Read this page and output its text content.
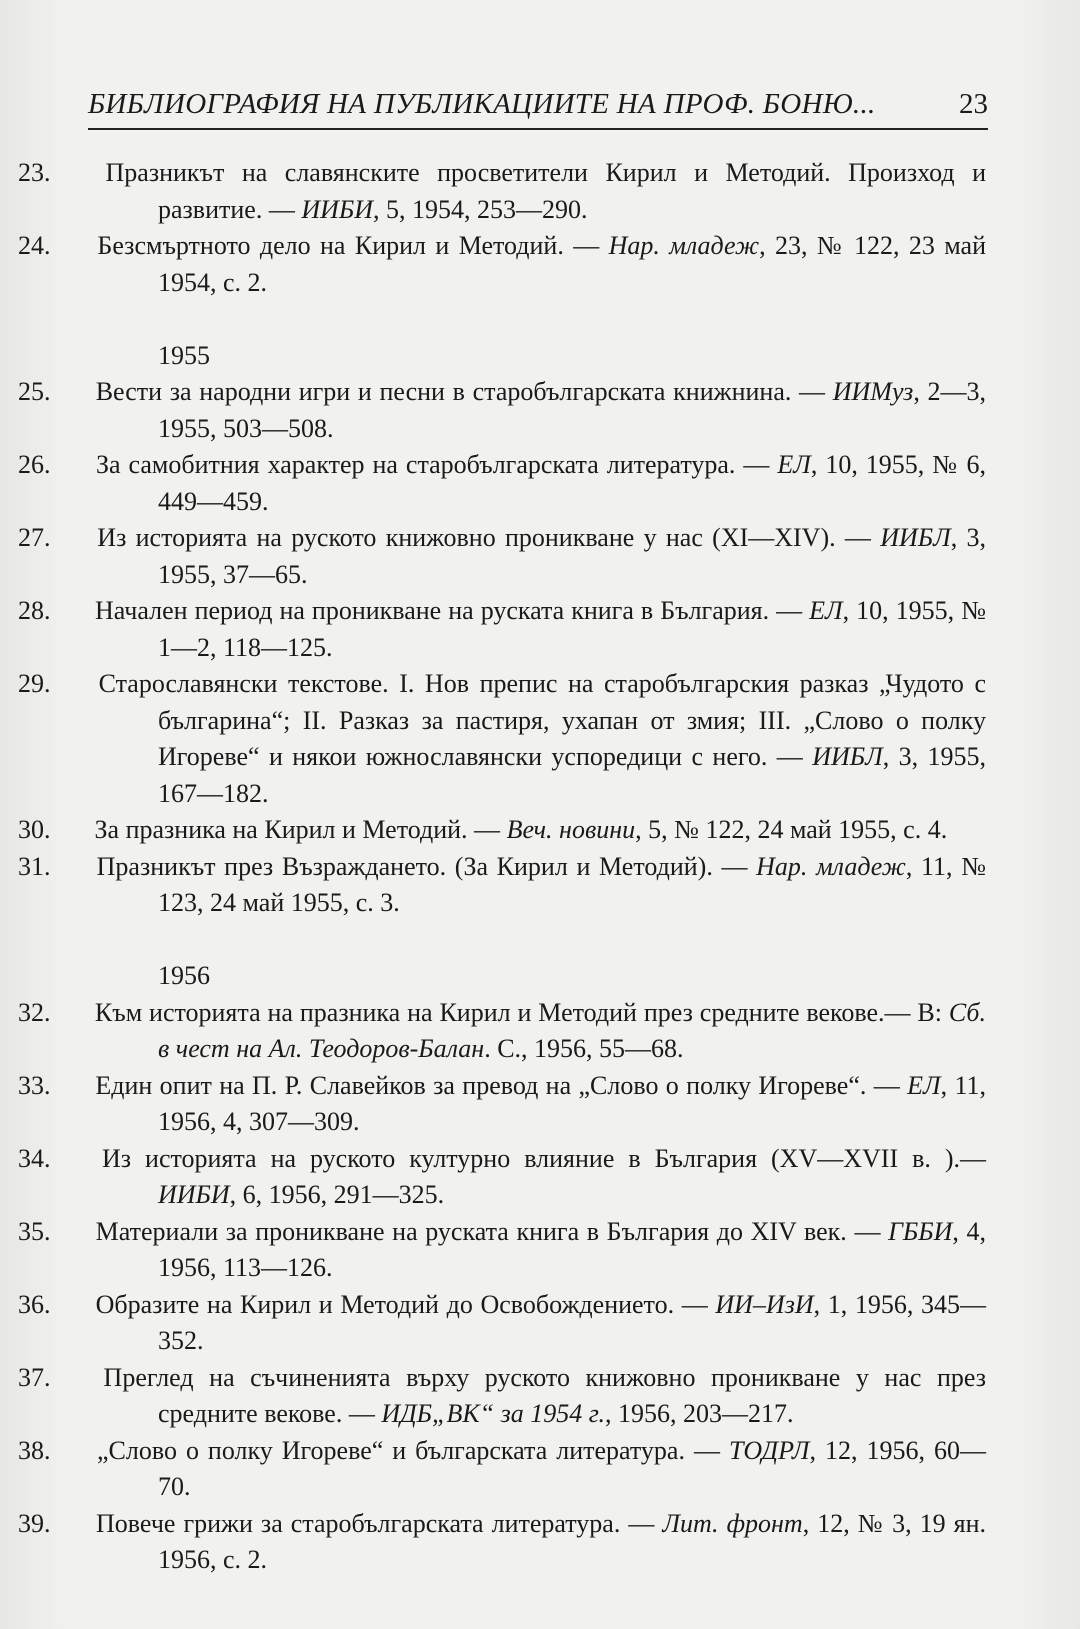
БИБЛИОГРАФИЯ НА ПУБЛИКАЦИИТЕ НА ПРОФ. БОНЮ...	23

23. Празникът на славянските просветители Кирил и Методий. Произход и развитие. — ИИБИ, 5, 1954, 253—290.

24. Безсмъртното дело на Кирил и Методий. — Нар. младеж, 23, № 122, 23 май 1954, с. 2.

1955

25. Вести за народни игри и песни в старобългарската книжнина. — ИИМуз, 2—3, 1955, 503—508.

26. За самобитния характер на старобългарската литература. — ЕЛ, 10, 1955, № 6, 449—459.

27. Из историята на руското книжовно проникване у нас (XI—XIV). — ИИБЛ, 3, 1955, 37—65.

28. Начален период на проникване на руската книга в България. — ЕЛ, 10, 1955, № 1—2, 118—125.

29. Старославянски текстове. I. Нов препис на старобългарския разказ „Чудото с българина“; II. Разказ за пастиря, ухапан от змия; III. „Слово о полку Игореве“ и някои южнославянски успоредици с него. — ИИБЛ, 3, 1955, 167—182.

30. За празника на Кирил и Методий. — Веч. новини, 5, № 122, 24 май 1955, с. 4.

31. Празникът през Възраждането. (За Кирил и Методий). — Нар. младеж, 11, № 123, 24 май 1955, с. 3.

1956

32. Към историята на празника на Кирил и Методий през средните векове.— В: Сб. в чест на Ал. Теодоров-Балан. С., 1956, 55—68.

33. Един опит на П. Р. Славейков за превод на „Слово о полку Игореве“. — ЕЛ, 11, 1956, 4, 307—309.

34. Из историята на руското културно влияние в България (XV—XVII в. ).— ИИБИ, 6, 1956, 291—325.

35. Материали за проникване на руската книга в България до XIV век. — ГББИ, 4, 1956, 113—126.

36. Образите на Кирил и Методий до Освобождението. — ИИ–ИзИ, 1, 1956, 345—352.

37. Преглед на съчиненията върху руското книжовно проникване у нас през средните векове. — ИДБ„ВК“ за 1954 г., 1956, 203—217.

38. „Слово о полку Игореве“ и българската литература. — ТОДРЛ, 12, 1956, 60—70.

39. Повече грижи за старобългарската литература. — Лит. фронт, 12, № 3, 19 ян. 1956, с. 2.
